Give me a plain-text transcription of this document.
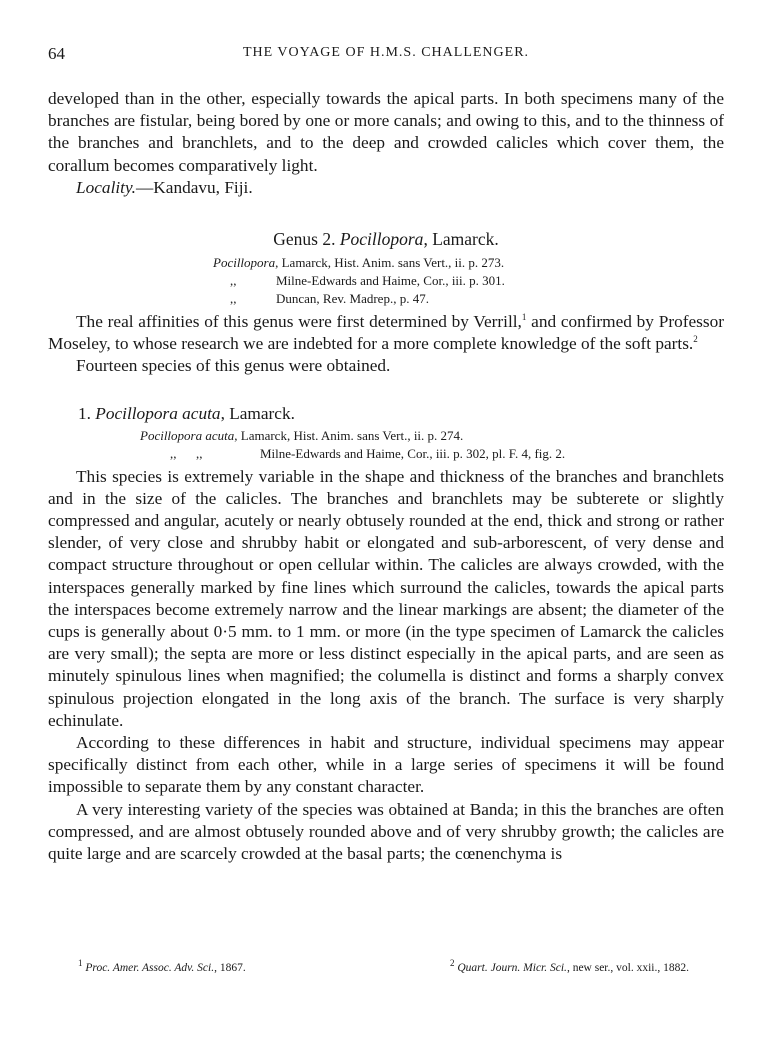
64	THE VOYAGE OF H.M.S. CHALLENGER.

developed than in the other, especially towards the apical parts. In both specimens many of the branches are fistular, being bored by one or more canals; and owing to this, and to the thinness of the branches and branchlets, and to the deep and crowded calicles which cover them, the corallum becomes comparatively light.

Locality.—Kandavu, Fiji.

Genus 2. Pocillopora, Lamarck.
Pocillopora , Lamarck, Hist. Anim. sans Vert., ii. p. 273.
,,	Milne-Edwards and Haime, Cor., iii. p. 301.
,,	Duncan, Rev. Madrep., p. 47.

The real affinities of this genus were first determined by Verrill,$^1$ and confirmed by Professor Moseley, to whose research we are indebted for a more complete knowledge of the soft parts.$^2$

Fourteen species of this genus were obtained.

1. Pocillopora acuta, Lamarck.
Pocillopora acuta , Lamarck, Hist. Anim. sans Vert., ii. p. 274.
,,      ,,	Milne-Edwards and Haime, Cor., iii. p. 302, pl. F. 4, fig. 2.

This species is extremely variable in the shape and thickness of the branches and branchlets and in the size of the calicles. The branches and branchlets may be subterete or slightly compressed and angular, acutely or nearly obtusely rounded at the end, thick and strong or rather slender, of very close and shrubby habit or elongated and sub-arborescent, of very dense and compact structure throughout or open cellular within. The calicles are always crowded, with the interspaces generally marked by fine lines which surround the calicles, towards the apical parts the interspaces become extremely narrow and the linear markings are absent; the diameter of the cups is generally about 0·5 mm. to 1 mm. or more (in the type specimen of Lamarck the calicles are very small); the septa are more or less distinct especially in the apical parts, and are seen as minutely spinulous lines when magnified; the columella is distinct and forms a sharply convex spinulous projection elongated in the long axis of the branch. The surface is very sharply echinulate.

According to these differences in habit and structure, individual specimens may appear specifically distinct from each other, while in a large series of specimens it will be found impossible to separate them by any constant character.

A very interesting variety of the species was obtained at Banda; in this the branches are often compressed, and are almost obtusely rounded above and of very shrubby growth; the calicles are quite large and are scarcely crowded at the basal parts; the cœnenchyma is

$^1$ Proc. Amer. Assoc. Adv. Sci., 1867.	$^2$ Quart. Journ. Micr. Sci., new ser., vol. xxii., 1882.
